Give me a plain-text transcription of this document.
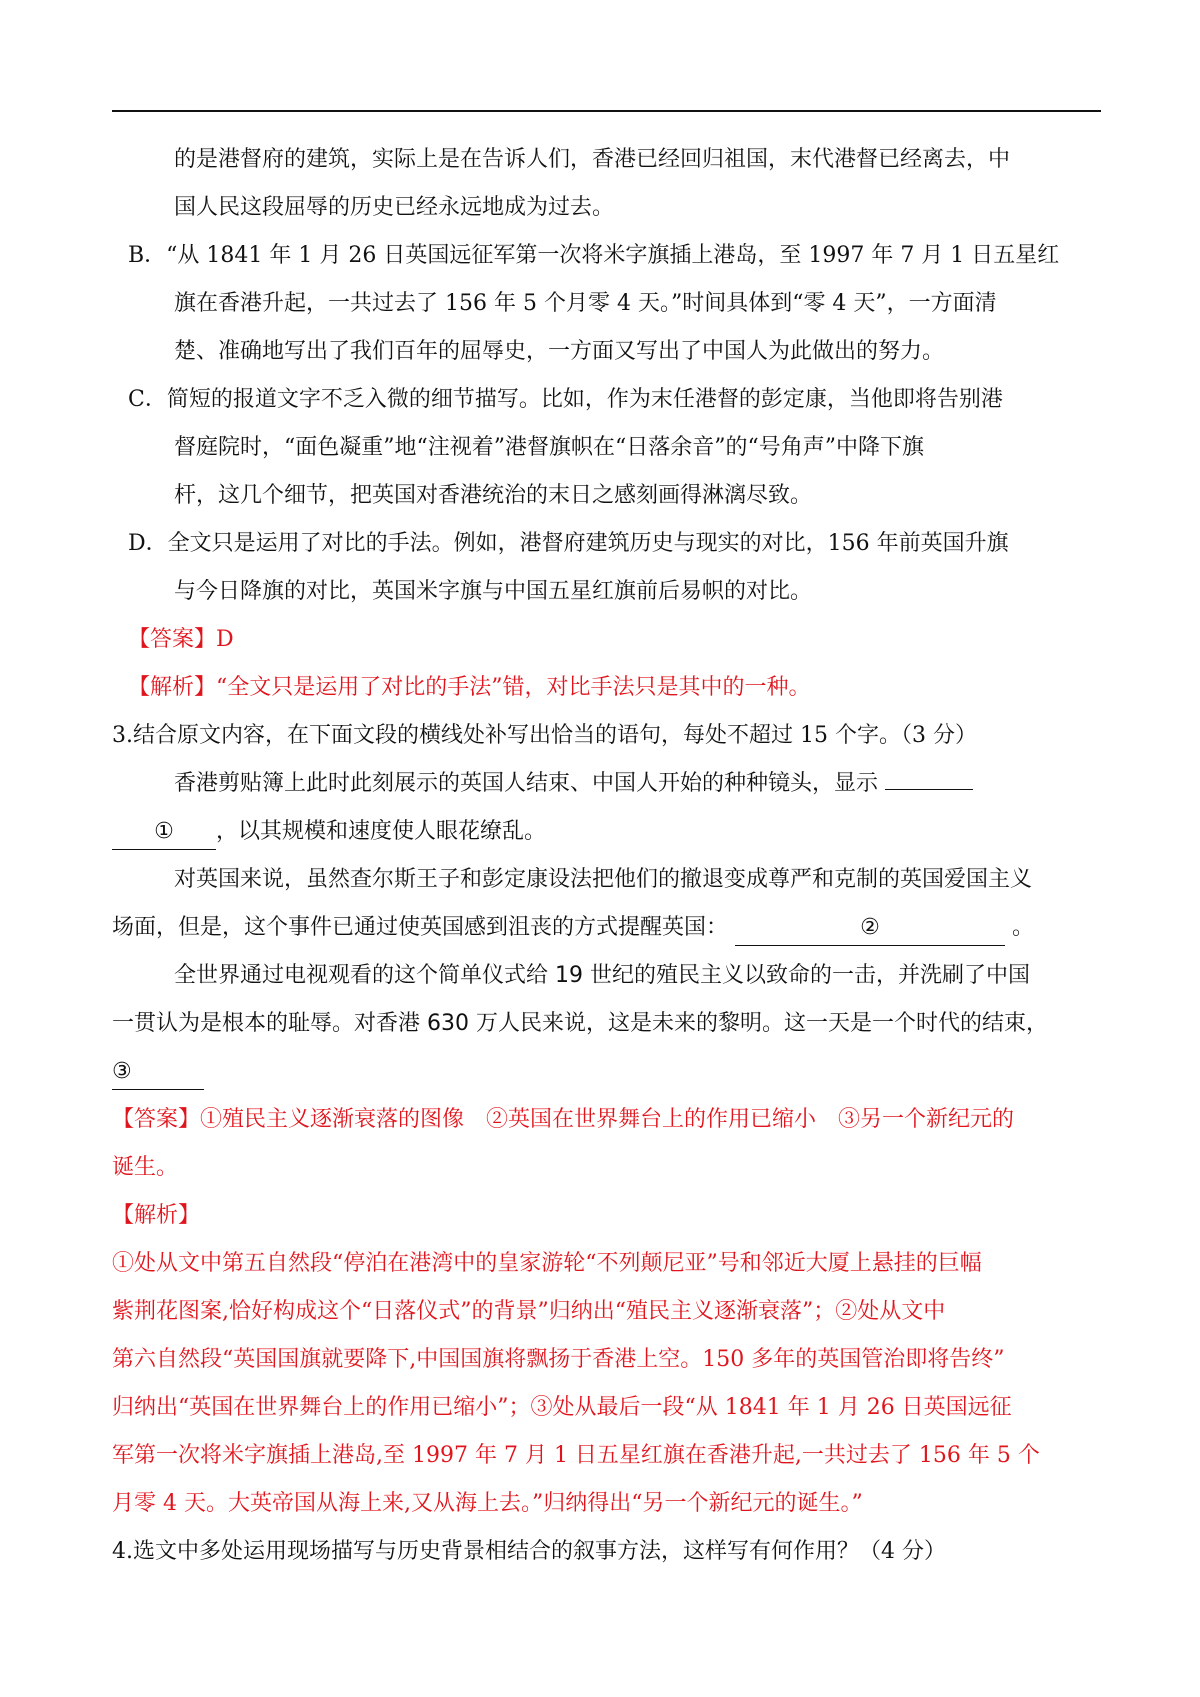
的是港督府的建筑，实际上是在告诉人们，香港已经回归祖国，末代港督已经离去，中
国人民这段屈辱的历史已经永远地成为过去。
B．“从 1841 年 1 月 26 日英国远征军第一次将米字旗插上港岛，至 1997 年 7 月 1 日五星红
旗在香港升起，一共过去了 156 年 5 个月零 4 天。”时间具体到“零 4 天”，一方面清
楚、准确地写出了我们百年的屈辱史，一方面又写出了中国人为此做出的努力。
C．简短的报道文字不乏入微的细节描写。比如，作为末任港督的彭定康，当他即将告别港
督庭院时，“面色凝重”地“注视着”港督旗帜在“日落余音”的“号角声”中降下旗
杆，这几个细节，把英国对香港统治的末日之感刻画得淋漓尽致。
D．全文只是运用了对比的手法。例如，港督府建筑历史与现实的对比，156 年前英国升旗
与今日降旗的对比，英国米字旗与中国五星红旗前后易帜的对比。
【答案】D
【解析】“全文只是运用了对比的手法”错，对比手法只是其中的一种。
3.结合原文内容，在下面文段的横线处补写出恰当的语句，每处不超过 15 个字。（3 分）
香港剪贴簿上此时此刻展示的英国人结束、中国人开始的种种镜头，显示
① ，以其规模和速度使人眼花缭乱。
对英国来说，虽然查尔斯王子和彭定康设法把他们的撤退变成尊严和克制的英国爱国主义
场面，但是，这个事件已通过使英国感到沮丧的方式提醒英国：	②	。
全世界通过电视观看的这个简单仪式给 19 世纪的殖民主义以致命的一击，并洗刷了中国
一贯认为是根本的耻辱。对香港 630 万人民来说，这是未来的黎明。这一天是一个时代的结束，
③
【答案】①殖民主义逐渐衰落的图像　②英国在世界舞台上的作用已缩小　③另一个新纪元的
诞生。
【解析】
①处从文中第五自然段“停泊在港湾中的皇家游轮“不列颠尼亚”号和邻近大厦上悬挂的巨幅
紫荆花图案,恰好构成这个“日落仪式”的背景”归纳出“殖民主义逐渐衰落”；②处从文中
第六自然段“英国国旗就要降下,中国国旗将飘扬于香港上空。150 多年的英国管治即将告终”
归纳出“英国在世界舞台上的作用已缩小”；③处从最后一段“从 1841 年 1 月 26 日英国远征
军第一次将米字旗插上港岛,至 1997 年 7 月 1 日五星红旗在香港升起,一共过去了 156 年 5 个
月零 4 天。大英帝国从海上来,又从海上去。”归纳得出“另一个新纪元的诞生。”
4.选文中多处运用现场描写与历史背景相结合的叙事方法，这样写有何作用？（4 分）
